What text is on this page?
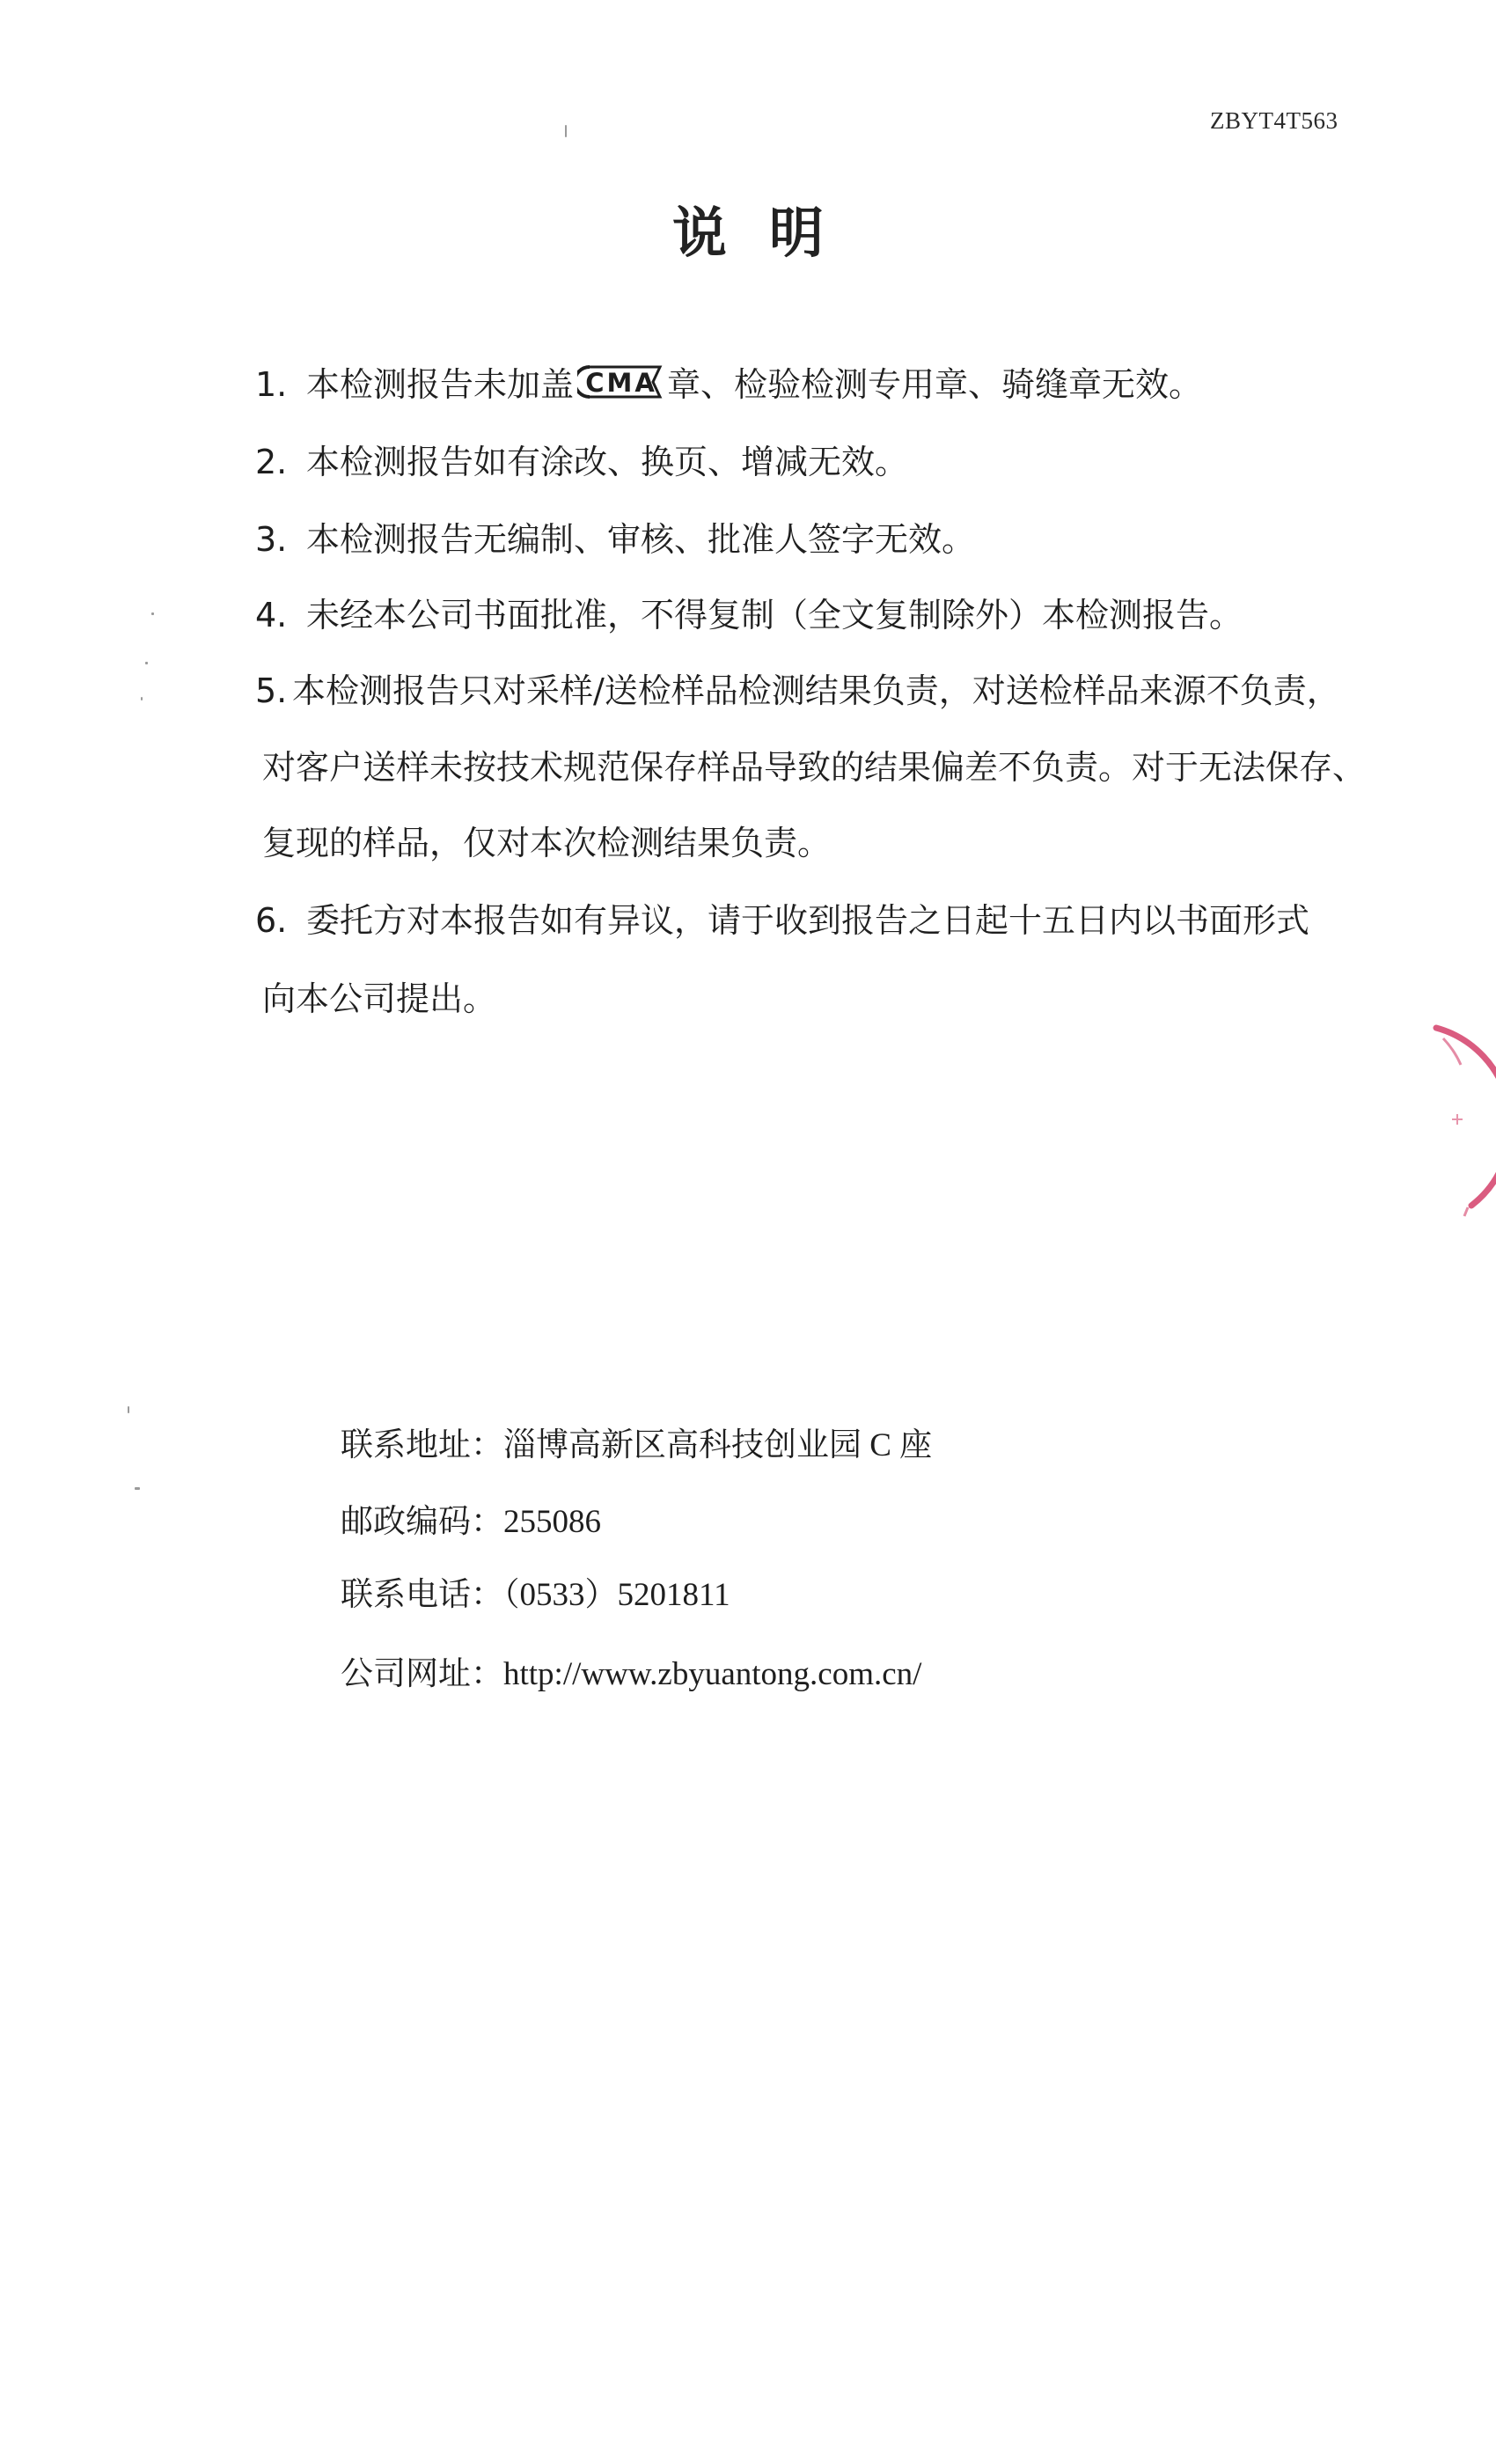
ZBYT4T563
说明
1. 本检测报告未加盖 CMA 章、检验检测专用章、骑缝章无效。
2. 本检测报告如有涂改、换页、增减无效。
3. 本检测报告无编制、审核、批准人签字无效。
4. 未经本公司书面批准，不得复制（全文复制除外）本检测报告。
5. 本检测报告只对采样/送检样品检测结果负责，对送检样品来源不负责，
对客户送样未按技术规范保存样品导致的结果偏差不负责。对于无法保存、
复现的样品，仅对本次检测结果负责。
6. 委托方对本报告如有异议，请于收到报告之日起十五日内以书面形式
向本公司提出。
联系地址：淄博高新区高科技创业园 C 座
邮政编码：255086
联系电话：（0533）5201811
公司网址：http://www.zbyuantong.com.cn/
